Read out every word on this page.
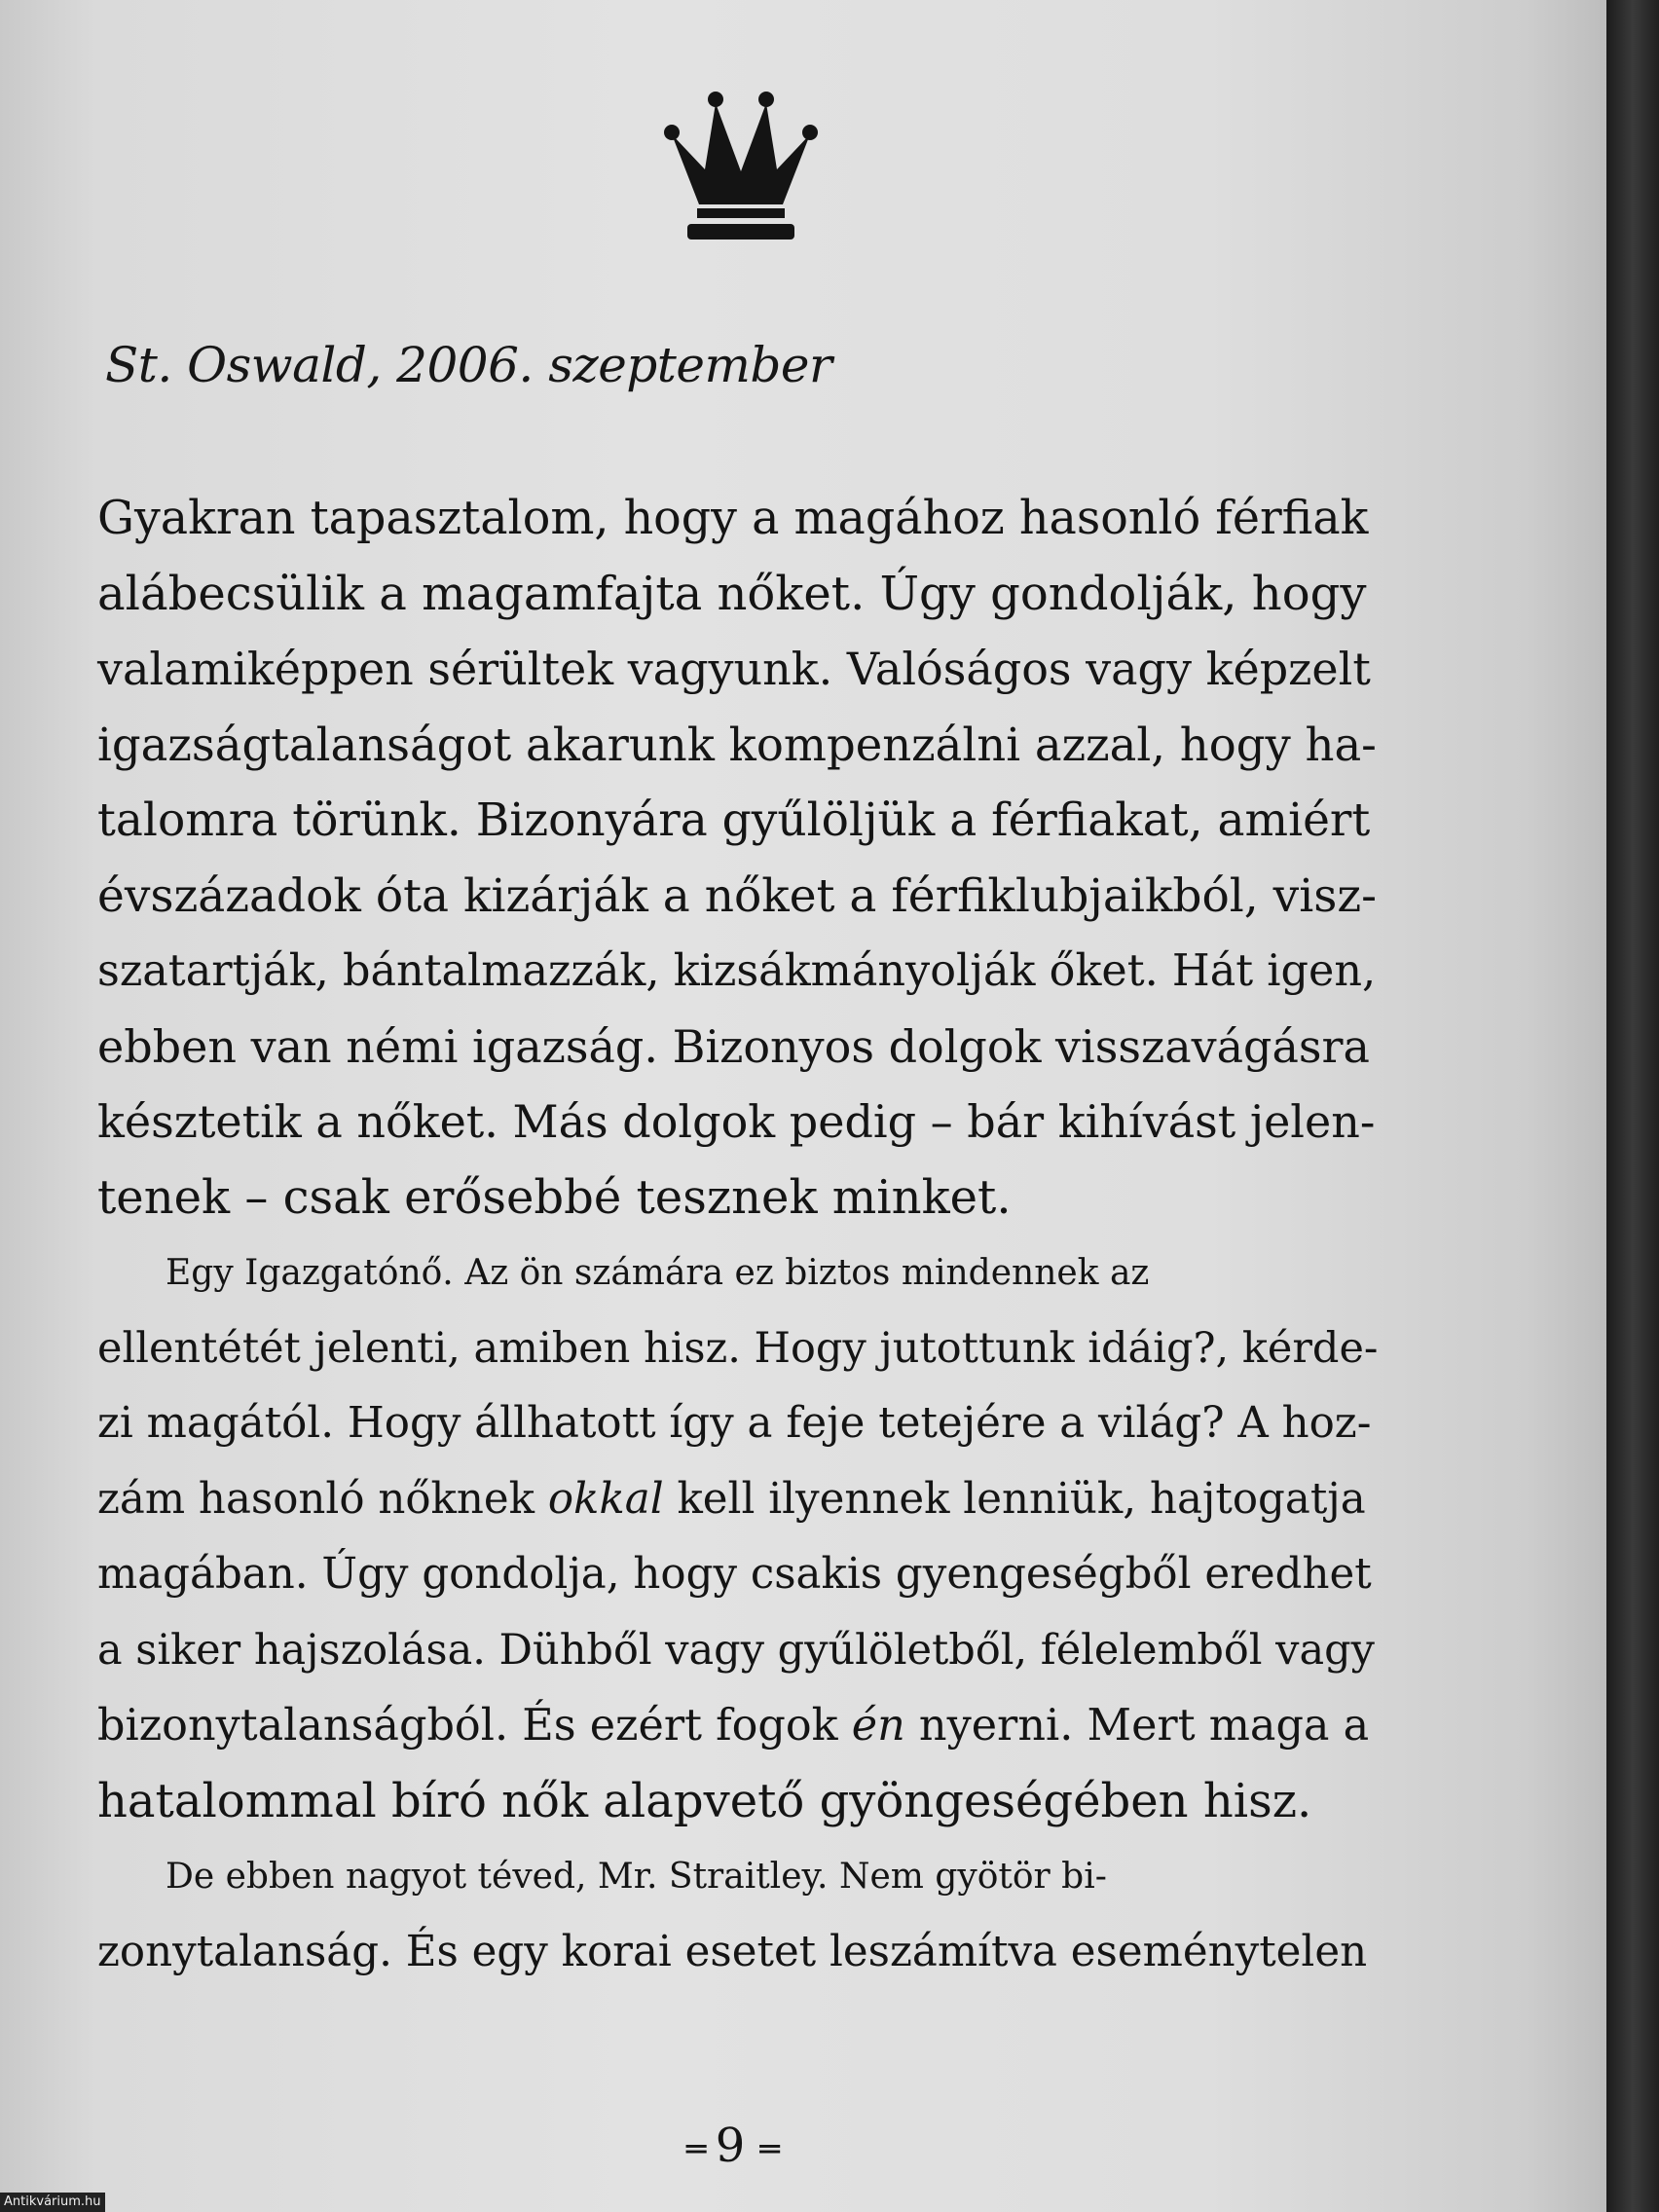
St. Oswald, 2006. szeptember
Gyakran tapasztalom, hogy a magához hasonló férfiak
alábecsülik a magamfajta nőket. Úgy gondolják, hogy
valamiképpen sérültek vagyunk. Valóságos vagy képzelt
igazságtalanságot akarunk kompenzálni azzal, hogy ha-
talomra törünk. Bizonyára gyűlöljük a férfiakat, amiért
évszázadok óta kizárják a nőket a férfiklubjaikból, visz-
szatartják, bántalmazzák, kizsákmányolják őket. Hát igen,
ebben van némi igazság. Bizonyos dolgok visszavágásra
késztetik a nőket. Más dolgok pedig – bár kihívást jelen-
tenek – csak erősebbé tesznek minket.
Egy Igazgatónő. Az ön számára ez biztos mindennek az
ellentétét jelenti, amiben hisz. Hogy jutottunk idáig?, kérde-
zi magától. Hogy állhatott így a feje tetejére a világ? A hoz-
zám hasonló nőknek okkal kell ilyennek lenniük, hajtogatja
magában. Úgy gondolja, hogy csakis gyengeségből eredhet
a siker hajszolása. Dühből vagy gyűlöletből, félelemből vagy
bizonytalanságból. És ezért fogok én nyerni. Mert maga a
hatalommal bíró nők alapvető gyöngeségében hisz.
De ebben nagyot téved, Mr. Straitley. Nem gyötör bi-
zonytalanság. És egy korai esetet leszámítva eseménytelen
═ 9 ═
Antikvárium.hu
